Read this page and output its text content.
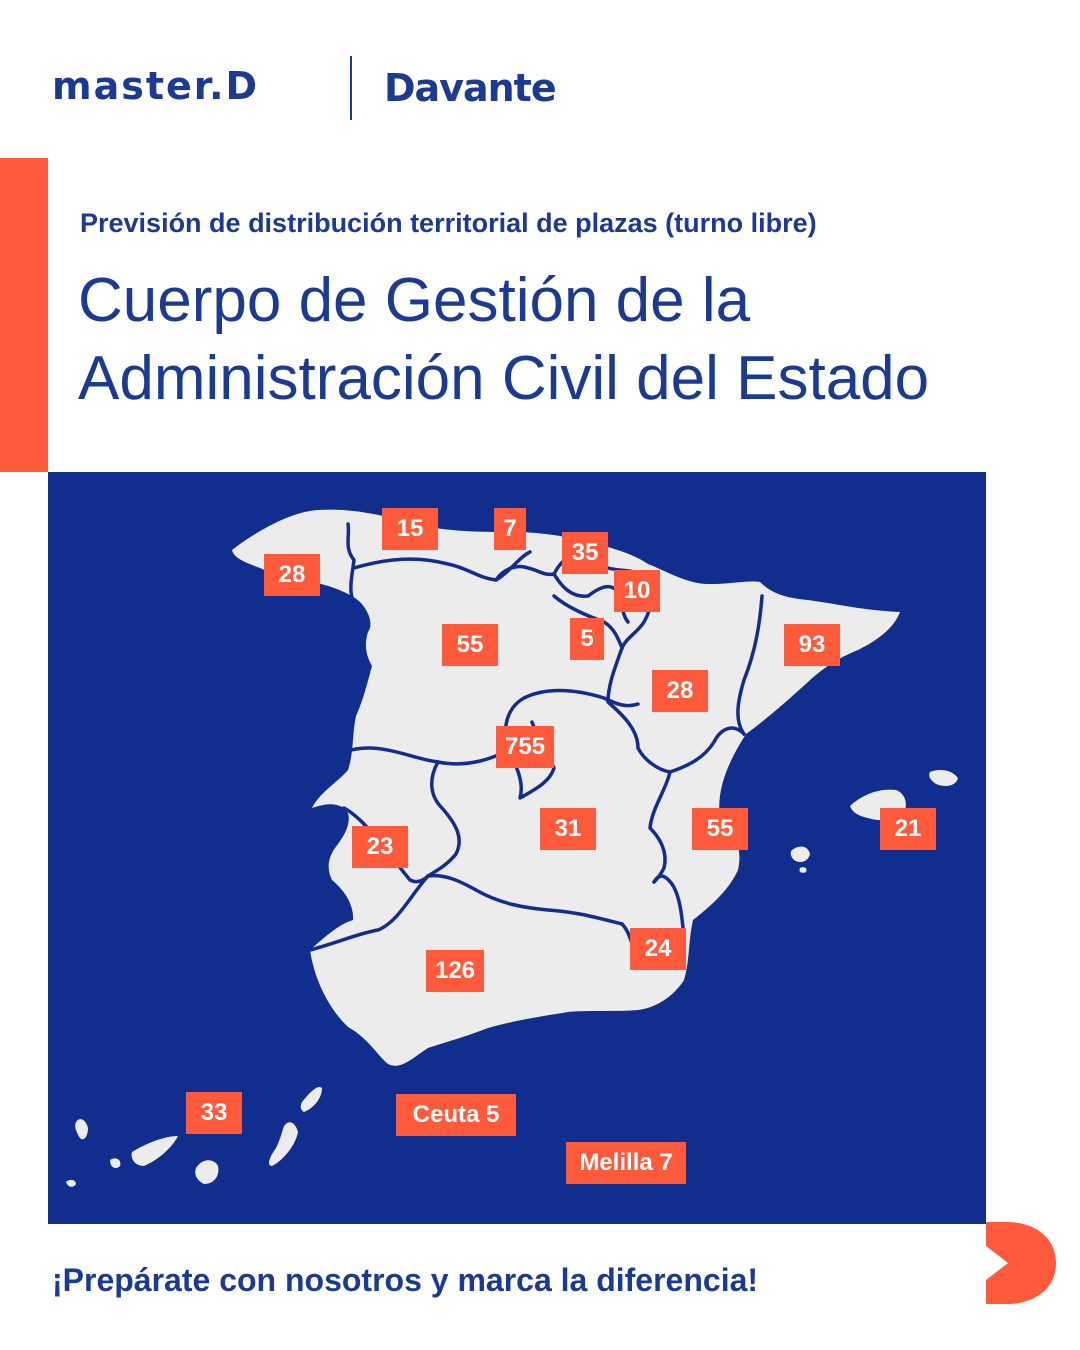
master.D	Davante
Previsión de distribución territorial de plazas (turno libre)
Cuerpo de Gestión de la
Administración Civil del Estado
28
15	7
35
10
5
55	93
28
755
23
31	55	21
24
126
33	Ceuta 5
Melilla 7
¡Prepárate con nosotros y marca la diferencia!
